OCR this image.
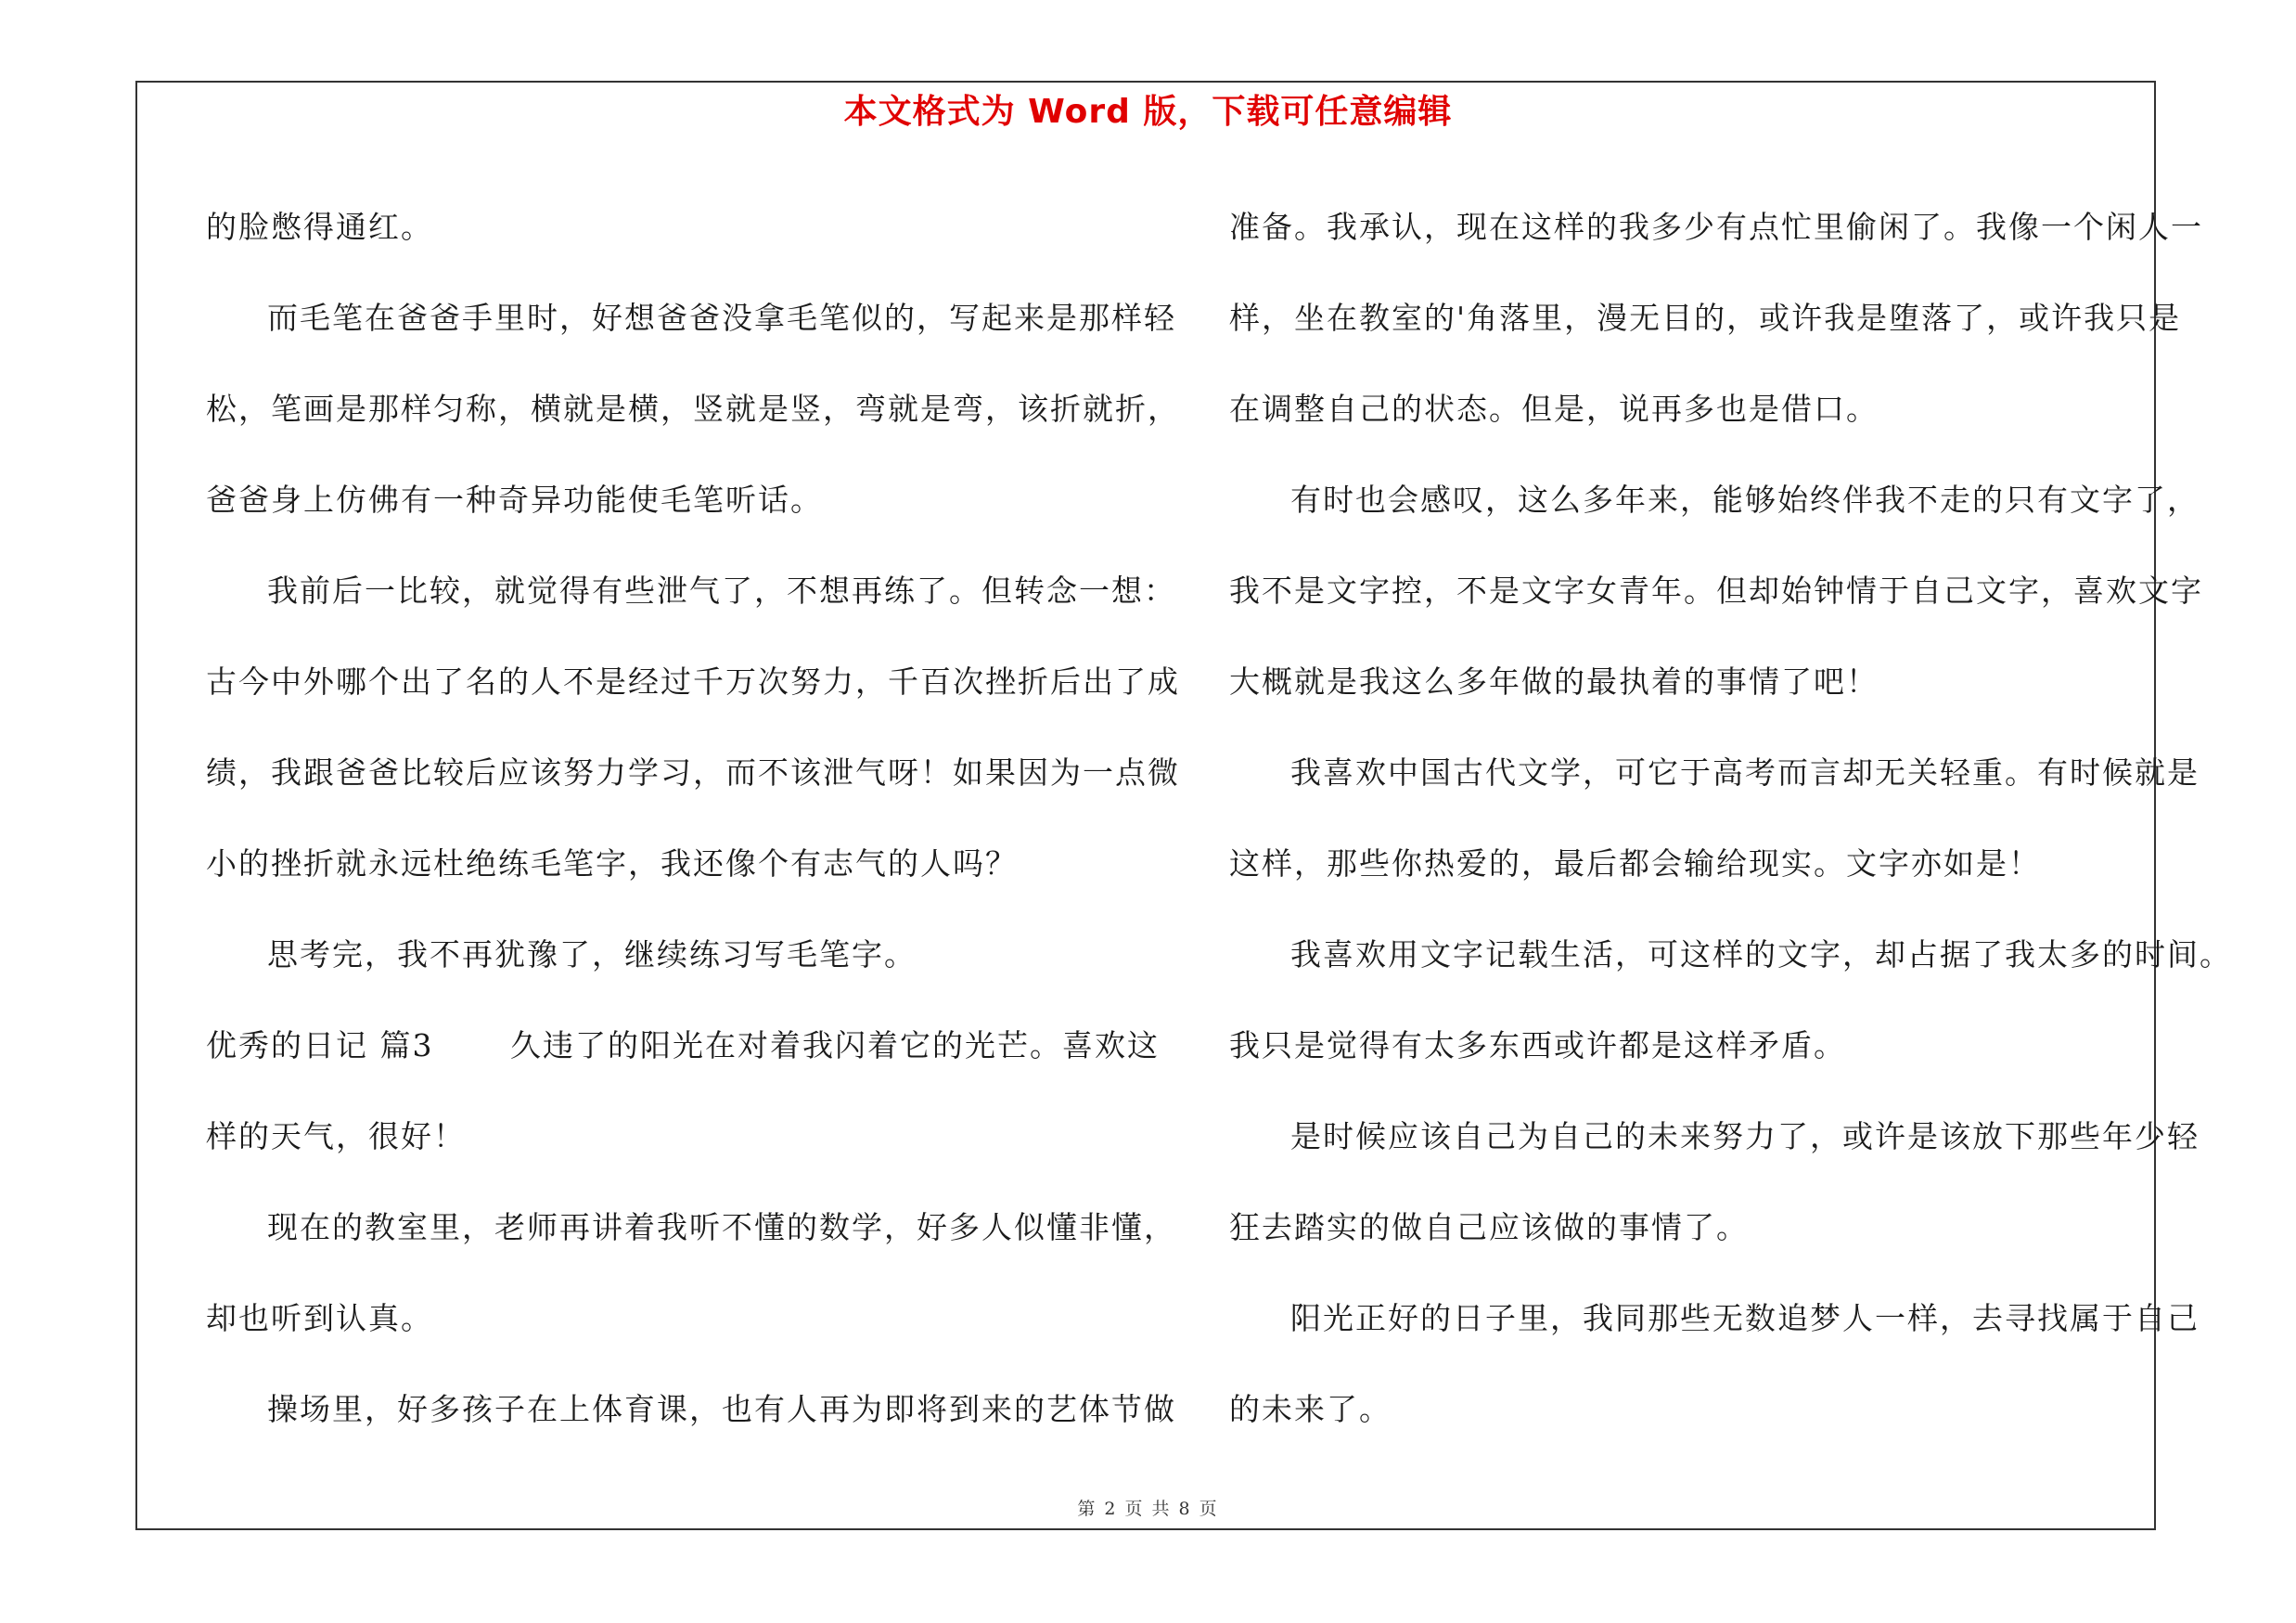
本文格式为 Word 版，下载可任意编辑

的脸憋得通红。

而毛笔在爸爸手里时，好想爸爸没拿毛笔似的，写起来是那样轻

松，笔画是那样匀称，横就是横，竖就是竖，弯就是弯，该折就折，

爸爸身上仿佛有一种奇异功能使毛笔听话。

我前后一比较，就觉得有些泄气了，不想再练了。但转念一想：

古今中外哪个出了名的人不是经过千万次努力，千百次挫折后出了成

绩，我跟爸爸比较后应该努力学习，而不该泄气呀！如果因为一点微

小的挫折就永远杜绝练毛笔字，我还像个有志气的人吗？

思考完，我不再犹豫了，继续练习写毛笔字。

优秀的日记 篇3 　　久违了的阳光在对着我闪着它的光芒。喜欢这

样的天气，很好！

现在的教室里，老师再讲着我听不懂的数学，好多人似懂非懂，

却也听到认真。

操场里，好多孩子在上体育课，也有人再为即将到来的艺体节做

准备。我承认，现在这样的我多少有点忙里偷闲了。我像一个闲人一

样，坐在教室的'角落里，漫无目的，或许我是堕落了，或许我只是

在调整自己的状态。但是，说再多也是借口。

有时也会感叹，这么多年来，能够始终伴我不走的只有文字了，

我不是文字控，不是文字女青年。但却始钟情于自己文字，喜欢文字

大概就是我这么多年做的最执着的事情了吧！

我喜欢中国古代文学，可它于高考而言却无关轻重。有时候就是

这样，那些你热爱的，最后都会输给现实。文字亦如是！

我喜欢用文字记载生活，可这样的文字，却占据了我太多的时间。

我只是觉得有太多东西或许都是这样矛盾。

是时候应该自己为自己的未来努力了，或许是该放下那些年少轻

狂去踏实的做自己应该做的事情了。

阳光正好的日子里，我同那些无数追梦人一样，去寻找属于自己

的未来了。

第 2 页 共 8 页
